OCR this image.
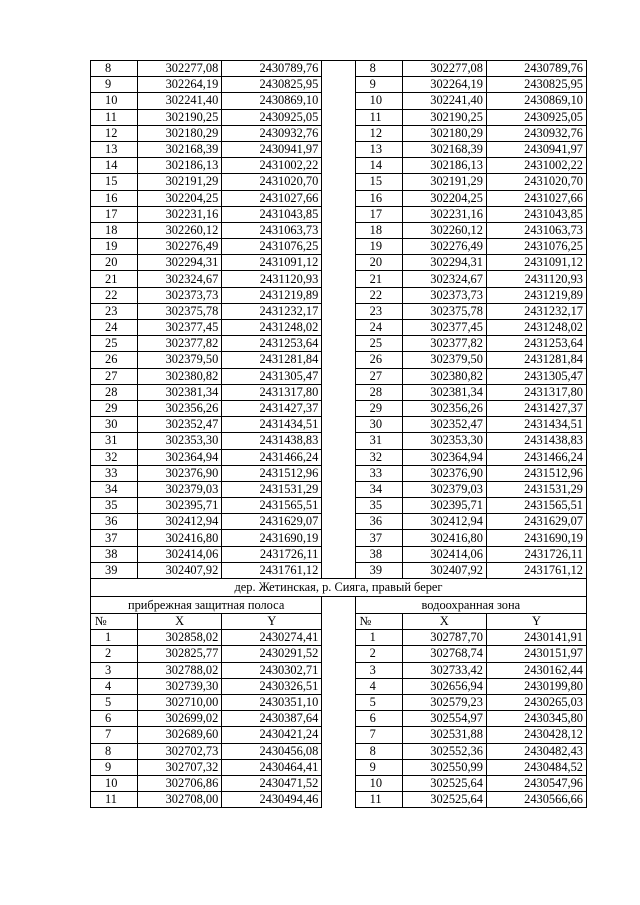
8	302277,08	2430789,76		8	302277,08	2430789,76
9	302264,19	2430825,95		9	302264,19	2430825,95
10	302241,40	2430869,10		10	302241,40	2430869,10
11	302190,25	2430925,05		11	302190,25	2430925,05
12	302180,29	2430932,76		12	302180,29	2430932,76
13	302168,39	2430941,97		13	302168,39	2430941,97
14	302186,13	2431002,22		14	302186,13	2431002,22
15	302191,29	2431020,70		15	302191,29	2431020,70
16	302204,25	2431027,66		16	302204,25	2431027,66
17	302231,16	2431043,85		17	302231,16	2431043,85
18	302260,12	2431063,73		18	302260,12	2431063,73
19	302276,49	2431076,25		19	302276,49	2431076,25
20	302294,31	2431091,12		20	302294,31	2431091,12
21	302324,67	2431120,93		21	302324,67	2431120,93
22	302373,73	2431219,89		22	302373,73	2431219,89
23	302375,78	2431232,17		23	302375,78	2431232,17
24	302377,45	2431248,02		24	302377,45	2431248,02
25	302377,82	2431253,64		25	302377,82	2431253,64
26	302379,50	2431281,84		26	302379,50	2431281,84
27	302380,82	2431305,47		27	302380,82	2431305,47
28	302381,34	2431317,80		28	302381,34	2431317,80
29	302356,26	2431427,37		29	302356,26	2431427,37
30	302352,47	2431434,51		30	302352,47	2431434,51
31	302353,30	2431438,83		31	302353,30	2431438,83
32	302364,94	2431466,24		32	302364,94	2431466,24
33	302376,90	2431512,96		33	302376,90	2431512,96
34	302379,03	2431531,29		34	302379,03	2431531,29
35	302395,71	2431565,51		35	302395,71	2431565,51
36	302412,94	2431629,07		36	302412,94	2431629,07
37	302416,80	2431690,19		37	302416,80	2431690,19
38	302414,06	2431726,11		38	302414,06	2431726,11
39	302407,92	2431761,12		39	302407,92	2431761,12
дер. Жетинская, р. Сияга, правый берег						
прибрежная защитная полоса				водоохранная зона		
№	X	Y		№	X	Y
1	302858,02	2430274,41		1	302787,70	2430141,91
2	302825,77	2430291,52		2	302768,74	2430151,97
3	302788,02	2430302,71		3	302733,42	2430162,44
4	302739,30	2430326,51		4	302656,94	2430199,80
5	302710,00	2430351,10		5	302579,23	2430265,03
6	302699,02	2430387,64		6	302554,97	2430345,80
7	302689,60	2430421,24		7	302531,88	2430428,12
8	302702,73	2430456,08		8	302552,36	2430482,43
9	302707,32	2430464,41		9	302550,99	2430484,52
10	302706,86	2430471,52		10	302525,64	2430547,96
11	302708,00	2430494,46		11	302525,64	2430566,66
